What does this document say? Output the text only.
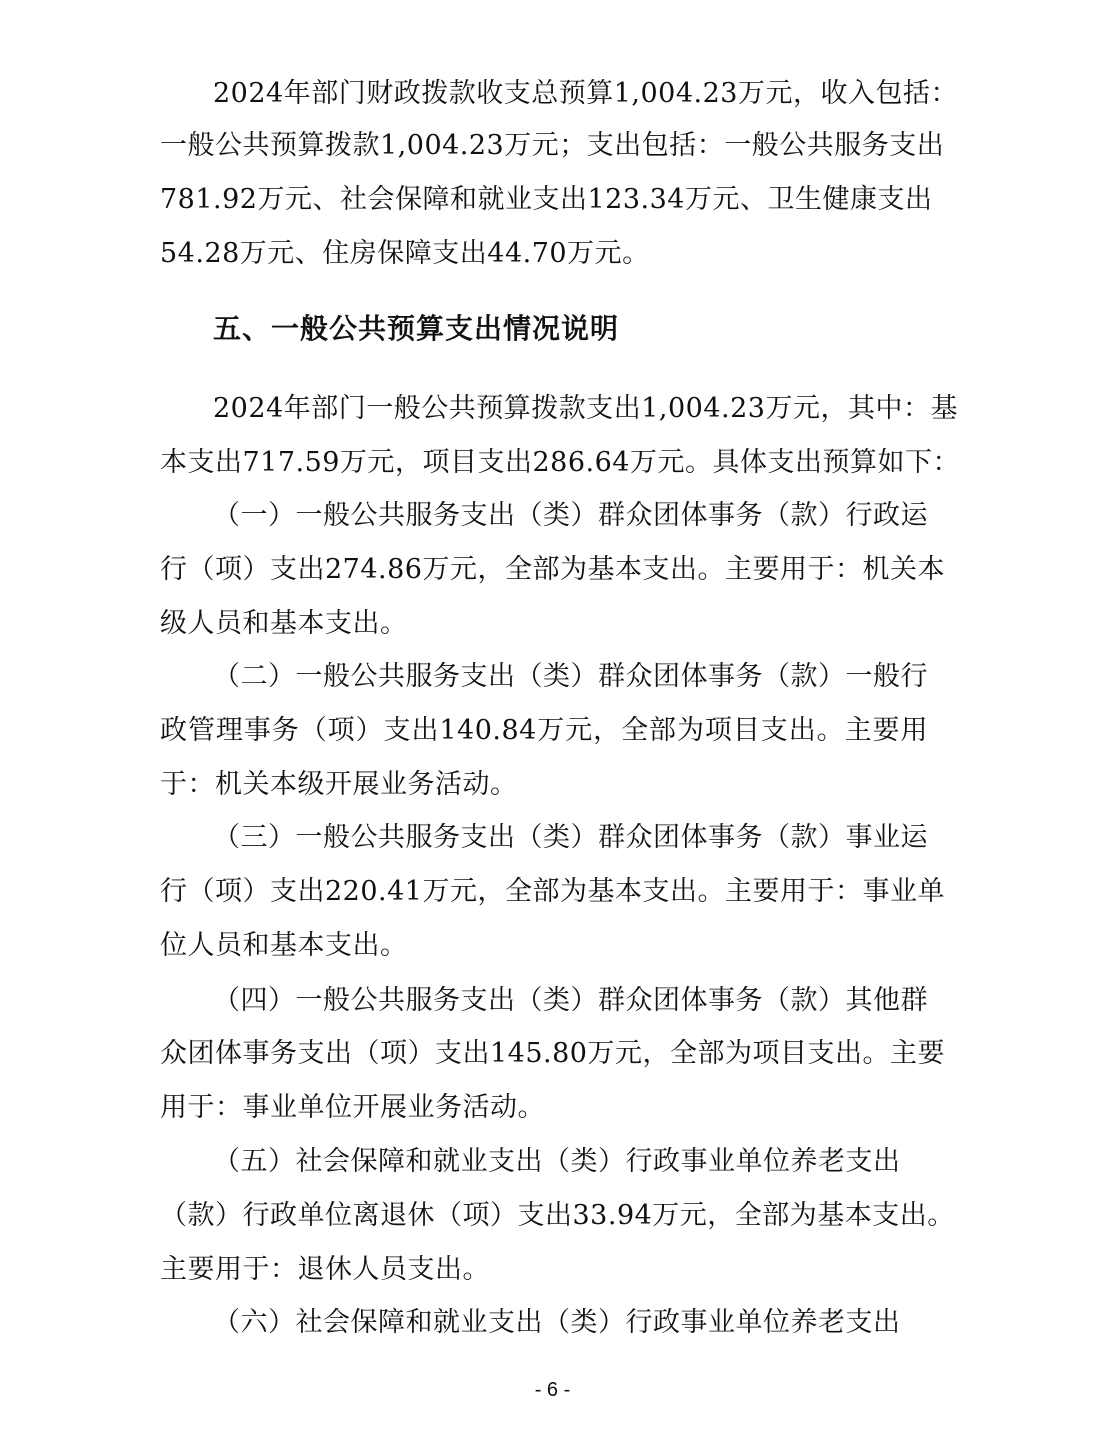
2024年部门财政拨款收支总预算1,004.23万元，收入包括：
一般公共预算拨款1,004.23万元；支出包括：一般公共服务支出
781.92万元、社会保障和就业支出123.34万元、卫生健康支出
54.28万元、住房保障支出44.70万元。
五、一般公共预算支出情况说明
2024年部门一般公共预算拨款支出1,004.23万元，其中：基
本支出717.59万元，项目支出286.64万元。具体支出预算如下：
（一）一般公共服务支出（类）群众团体事务（款）行政运
行（项）支出274.86万元，全部为基本支出。主要用于：机关本
级人员和基本支出。
（二）一般公共服务支出（类）群众团体事务（款）一般行
政管理事务（项）支出140.84万元，全部为项目支出。主要用
于：机关本级开展业务活动。
（三）一般公共服务支出（类）群众团体事务（款）事业运
行（项）支出220.41万元，全部为基本支出。主要用于：事业单
位人员和基本支出。
（四）一般公共服务支出（类）群众团体事务（款）其他群
众团体事务支出（项）支出145.80万元，全部为项目支出。主要
用于：事业单位开展业务活动。
（五）社会保障和就业支出（类）行政事业单位养老支出
（款）行政单位离退休（项）支出33.94万元，全部为基本支出。
主要用于：退休人员支出。
（六）社会保障和就业支出（类）行政事业单位养老支出
- 6 -
